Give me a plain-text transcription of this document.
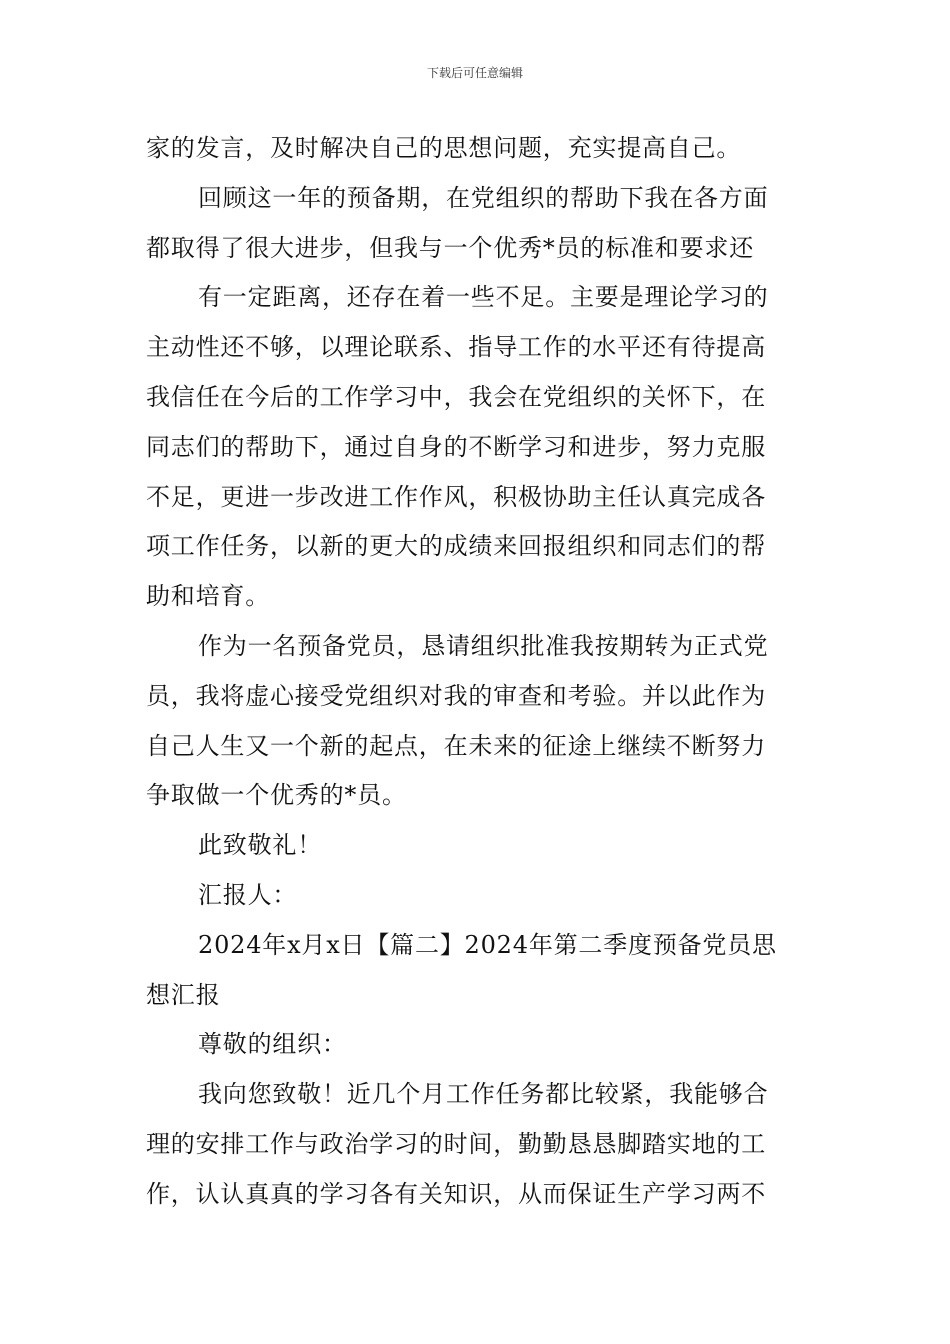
下载后可任意编辑
家的发言，及时解决自己的思想问题，充实提高自己。
回顾这一年的预备期，在党组织的帮助下我在各方面
都取得了很大进步，但我与一个优秀*员的标准和要求还
有一定距离，还存在着一些不足。主要是理论学习的
主动性还不够，以理论联系、指导工作的水平还有待提高
我信任在今后的工作学习中，我会在党组织的关怀下，在
同志们的帮助下，通过自身的不断学习和进步，努力克服
不足，更进一步改进工作作风，积极协助主任认真完成各
项工作任务，以新的更大的成绩来回报组织和同志们的帮
助和培育。
作为一名预备党员，恳请组织批准我按期转为正式党
员，我将虚心接受党组织对我的审查和考验。并以此作为
自己人生又一个新的起点，在未来的征途上继续不断努力
争取做一个优秀的*员。
此致敬礼！
汇报人：
2024年x月x日【篇二】2024年第二季度预备党员思
想汇报
尊敬的组织：
我向您致敬！近几个月工作任务都比较紧，我能够合
理的安排工作与政治学习的时间，勤勤恳恳脚踏实地的工
作，认认真真的学习各有关知识，从而保证生产学习两不
